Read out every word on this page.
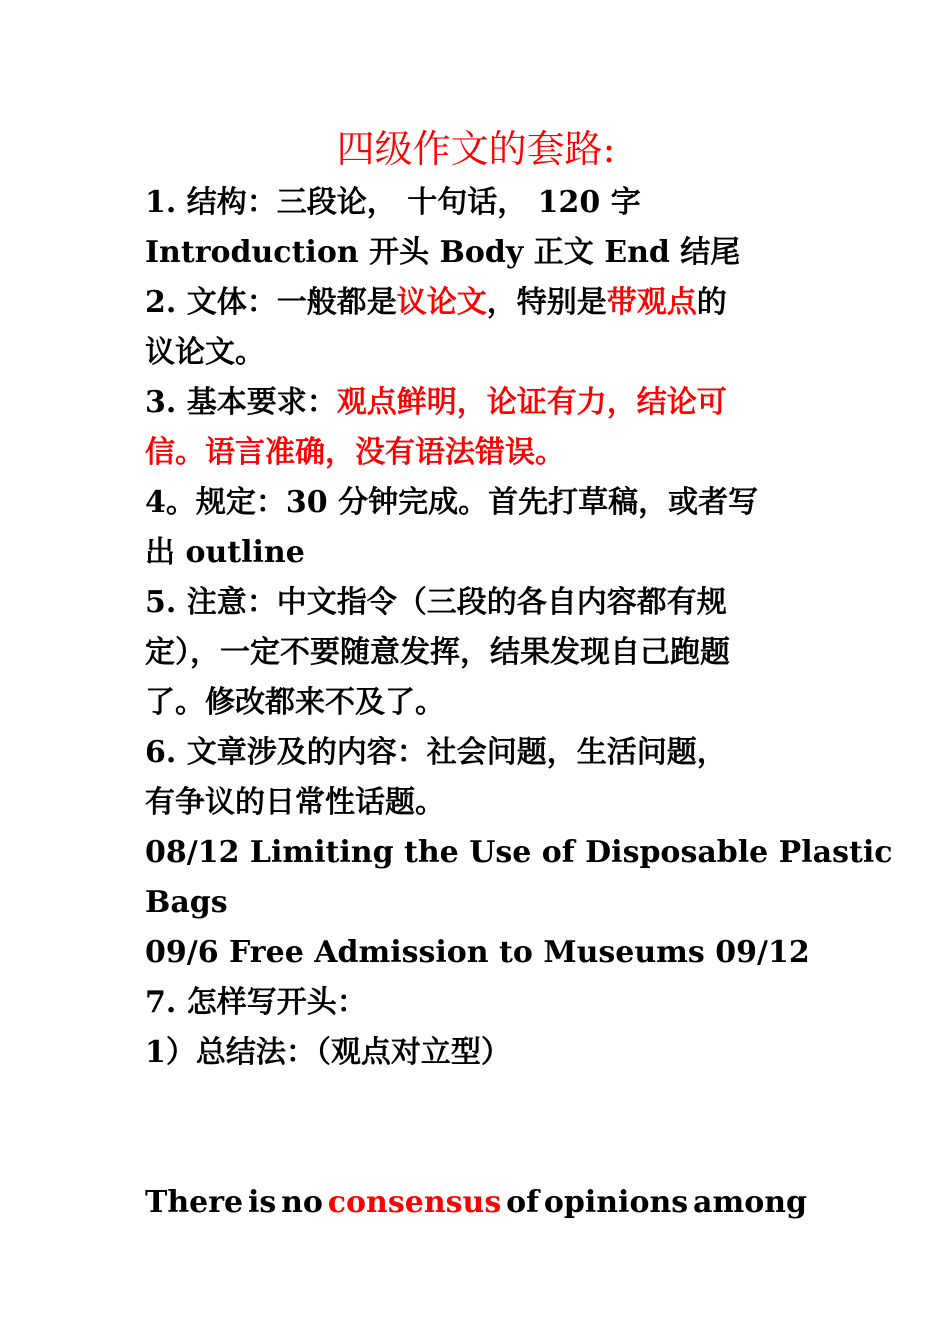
四级作文的套路:
1. 结构：三段论， 十句话， 120 字
Introduction 开头 Body 正文 End 结尾
2. 文体：一般都是议论文，特别是带观点的
议论文。
3. 基本要求：观点鲜明，论证有力，结论可
信。语言准确，没有语法错误。
4。规定：30 分钟完成。首先打草稿，或者写
出 outline
5. 注意：中文指令（三段的各自内容都有规
定），一定不要随意发挥，结果发现自己跑题
了。修改都来不及了。
6. 文章涉及的内容：社会问题，生活问题，
有争议的日常性话题。
08/12 Limiting the Use of Disposable Plastic
Bags
09/6 Free Admission to Museums 09/12
7. 怎样写开头：
1）总结法：（观点对立型）
There is no consensus of opinions among
